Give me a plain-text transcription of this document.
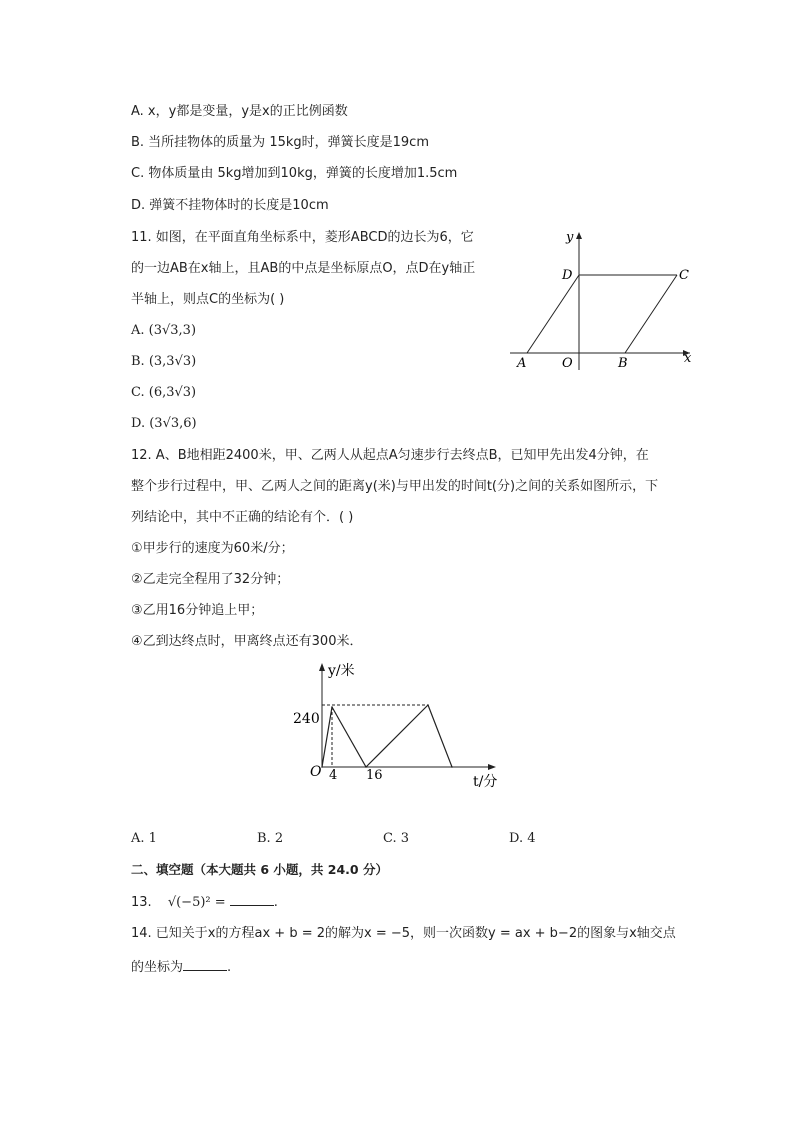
A. x，y都是变量，y是x的正比例函数
B. 当所挂物体的质量为 15kg时，弹簧长度是19cm
C. 物体质量由 5kg增加到10kg，弹簧的长度增加1.5cm
D. 弹簧不挂物体时的长度是10cm
11. 如图，在平面直角坐标系中，菱形ABCD的边长为6，它
的一边AB在x轴上，且AB的中点是坐标原点O，点D在y轴正
半轴上，则点C的坐标为( )
A. (3√3,3)
B. (3,3√3)
C. (6,3√3)
D. (3√3,6)
y
x
D	C
A	O	B
12. A、B地相距2400米，甲、乙两人从起点A匀速步行去终点B，已知甲先出发4分钟，在
整个步行过程中，甲、乙两人之间的距离y(米)与甲出发的时间t(分)之间的关系如图所示，下
列结论中，其中不正确的结论有个．( )
①甲步行的速度为60米/分；
②乙走完全程用了32分钟；
③乙用16分钟追上甲；
④乙到达终点时，甲离终点还有300米．
y/米
t/分
O
240
4 16
A. 1	B. 2	C. 3	D. 4
二、填空题（本大题共 6 小题，共 24.0 分）
13. √(−5)² =	.
14. 已知关于x的方程ax + b = 2的解为x = −5，则一次函数y = ax + b−2的图象与x轴交点
的坐标为	.
